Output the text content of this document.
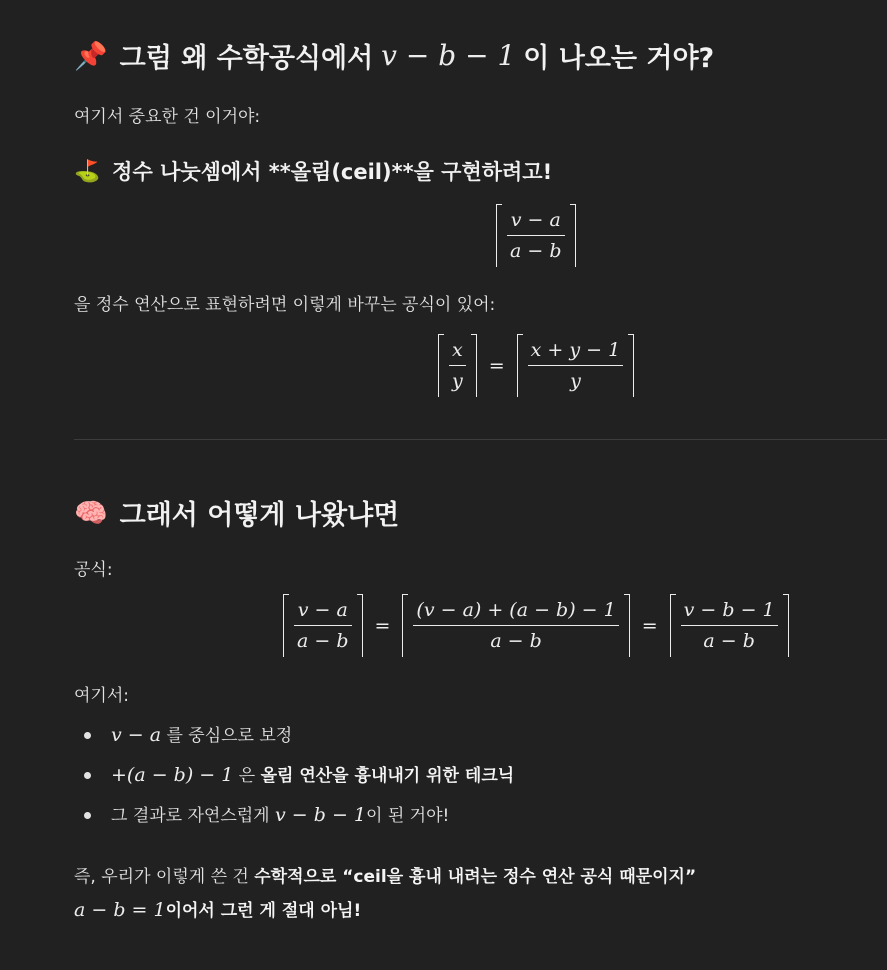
📌 그럼 왜 수학공식에서 v − b − 1 이 나오는 거야?

여기서 중요한 건 이거야:

⛳ 정수 나눗셈에서 **올림(ceil)**을 구현하려고!
$\frac{v - a}{a - b}$

을 정수 연산으로 표현하려면 이렇게 바꾸는 공식이 있어:

$\frac{x}{y} = \frac{x + y - 1}{y}$
🧠 그래서 어떻게 나왔냐면

공식:

$\frac{v - a}{a - b} = \frac{(v - a) + (a - b) - 1}{a - b} = \frac{v - b - 1}{a - b}$

여기서:

v − a 를 중심으로 보정
+(a − b) − 1 은 올림 연산을 흉내내기 위한 테크닉
그 결과로 자연스럽게 v − b − 1이 된 거야!

즉, 우리가 이렇게 쓴 건 수학적으로 “ceil을 흉내 내려는 정수 연산 공식 때문이지”

a − b = 1이어서 그런 게 절대 아님!
